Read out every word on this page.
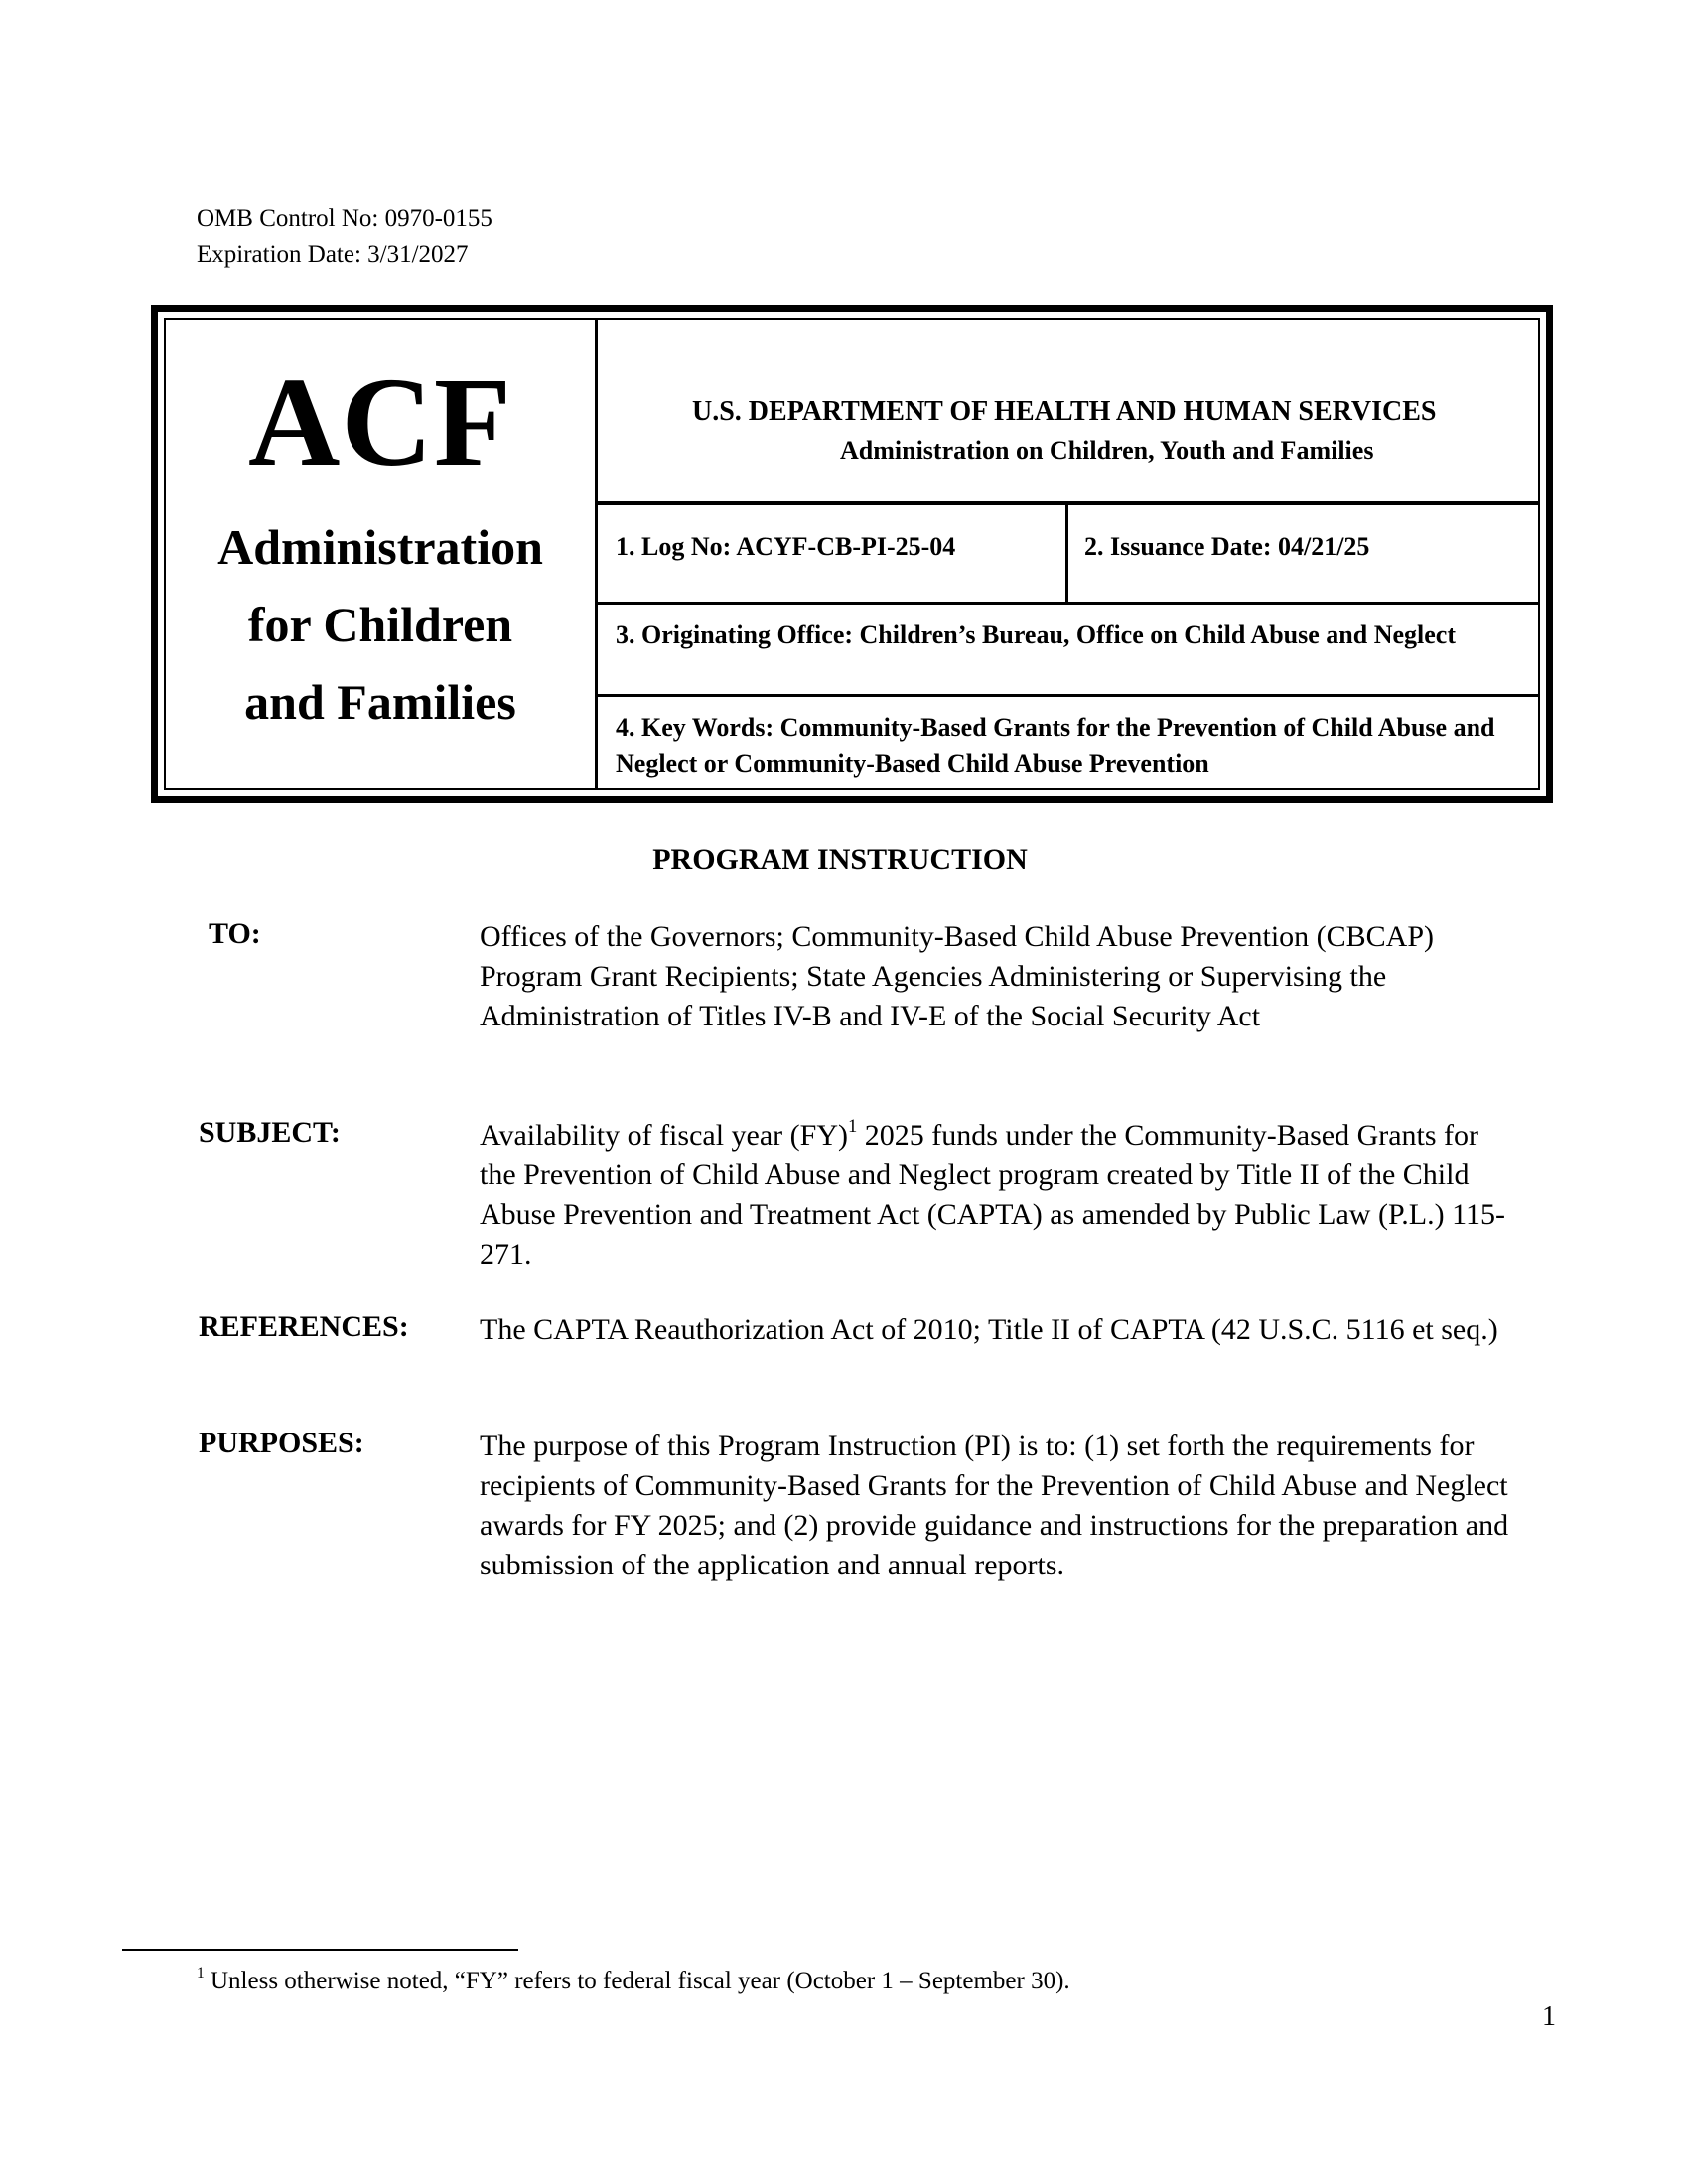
OMB Control No: 0970-0155
Expiration Date: 3/31/2027
ACF
Administration
for Children
and Families
U.S. DEPARTMENT OF HEALTH AND HUMAN SERVICES
Administration on Children, Youth and Families
1. Log No: ACYF-CB-PI-25-04	2. Issuance Date: 04/21/25
3. Originating Office: Children’s Bureau, Office on Child Abuse and Neglect
4. Key Words: Community-Based Grants for the Prevention of Child Abuse and Neglect or Community-Based Child Abuse Prevention
PROGRAM INSTRUCTION
TO:	Offices of the Governors; Community-Based Child Abuse Prevention (CBCAP) Program Grant Recipients; State Agencies Administering or Supervising the Administration of Titles IV-B and IV-E of the Social Security Act
SUBJECT:	Availability of fiscal year (FY)$^1$ 2025 funds under the Community-Based Grants for the Prevention of Child Abuse and Neglect program created by Title II of the Child Abuse Prevention and Treatment Act (CAPTA) as amended by Public Law (P.L.) 115-271.
REFERENCES: The CAPTA Reauthorization Act of 2010; Title II of CAPTA (42 U.S.C. 5116 et seq.)
PURPOSES:	The purpose of this Program Instruction (PI) is to: (1) set forth the requirements for recipients of Community-Based Grants for the Prevention of Child Abuse and Neglect awards for FY 2025; and (2) provide guidance and instructions for the preparation and submission of the application and annual reports.
$^1$ Unless otherwise noted, “FY” refers to federal fiscal year (October 1 – September 30).
1
